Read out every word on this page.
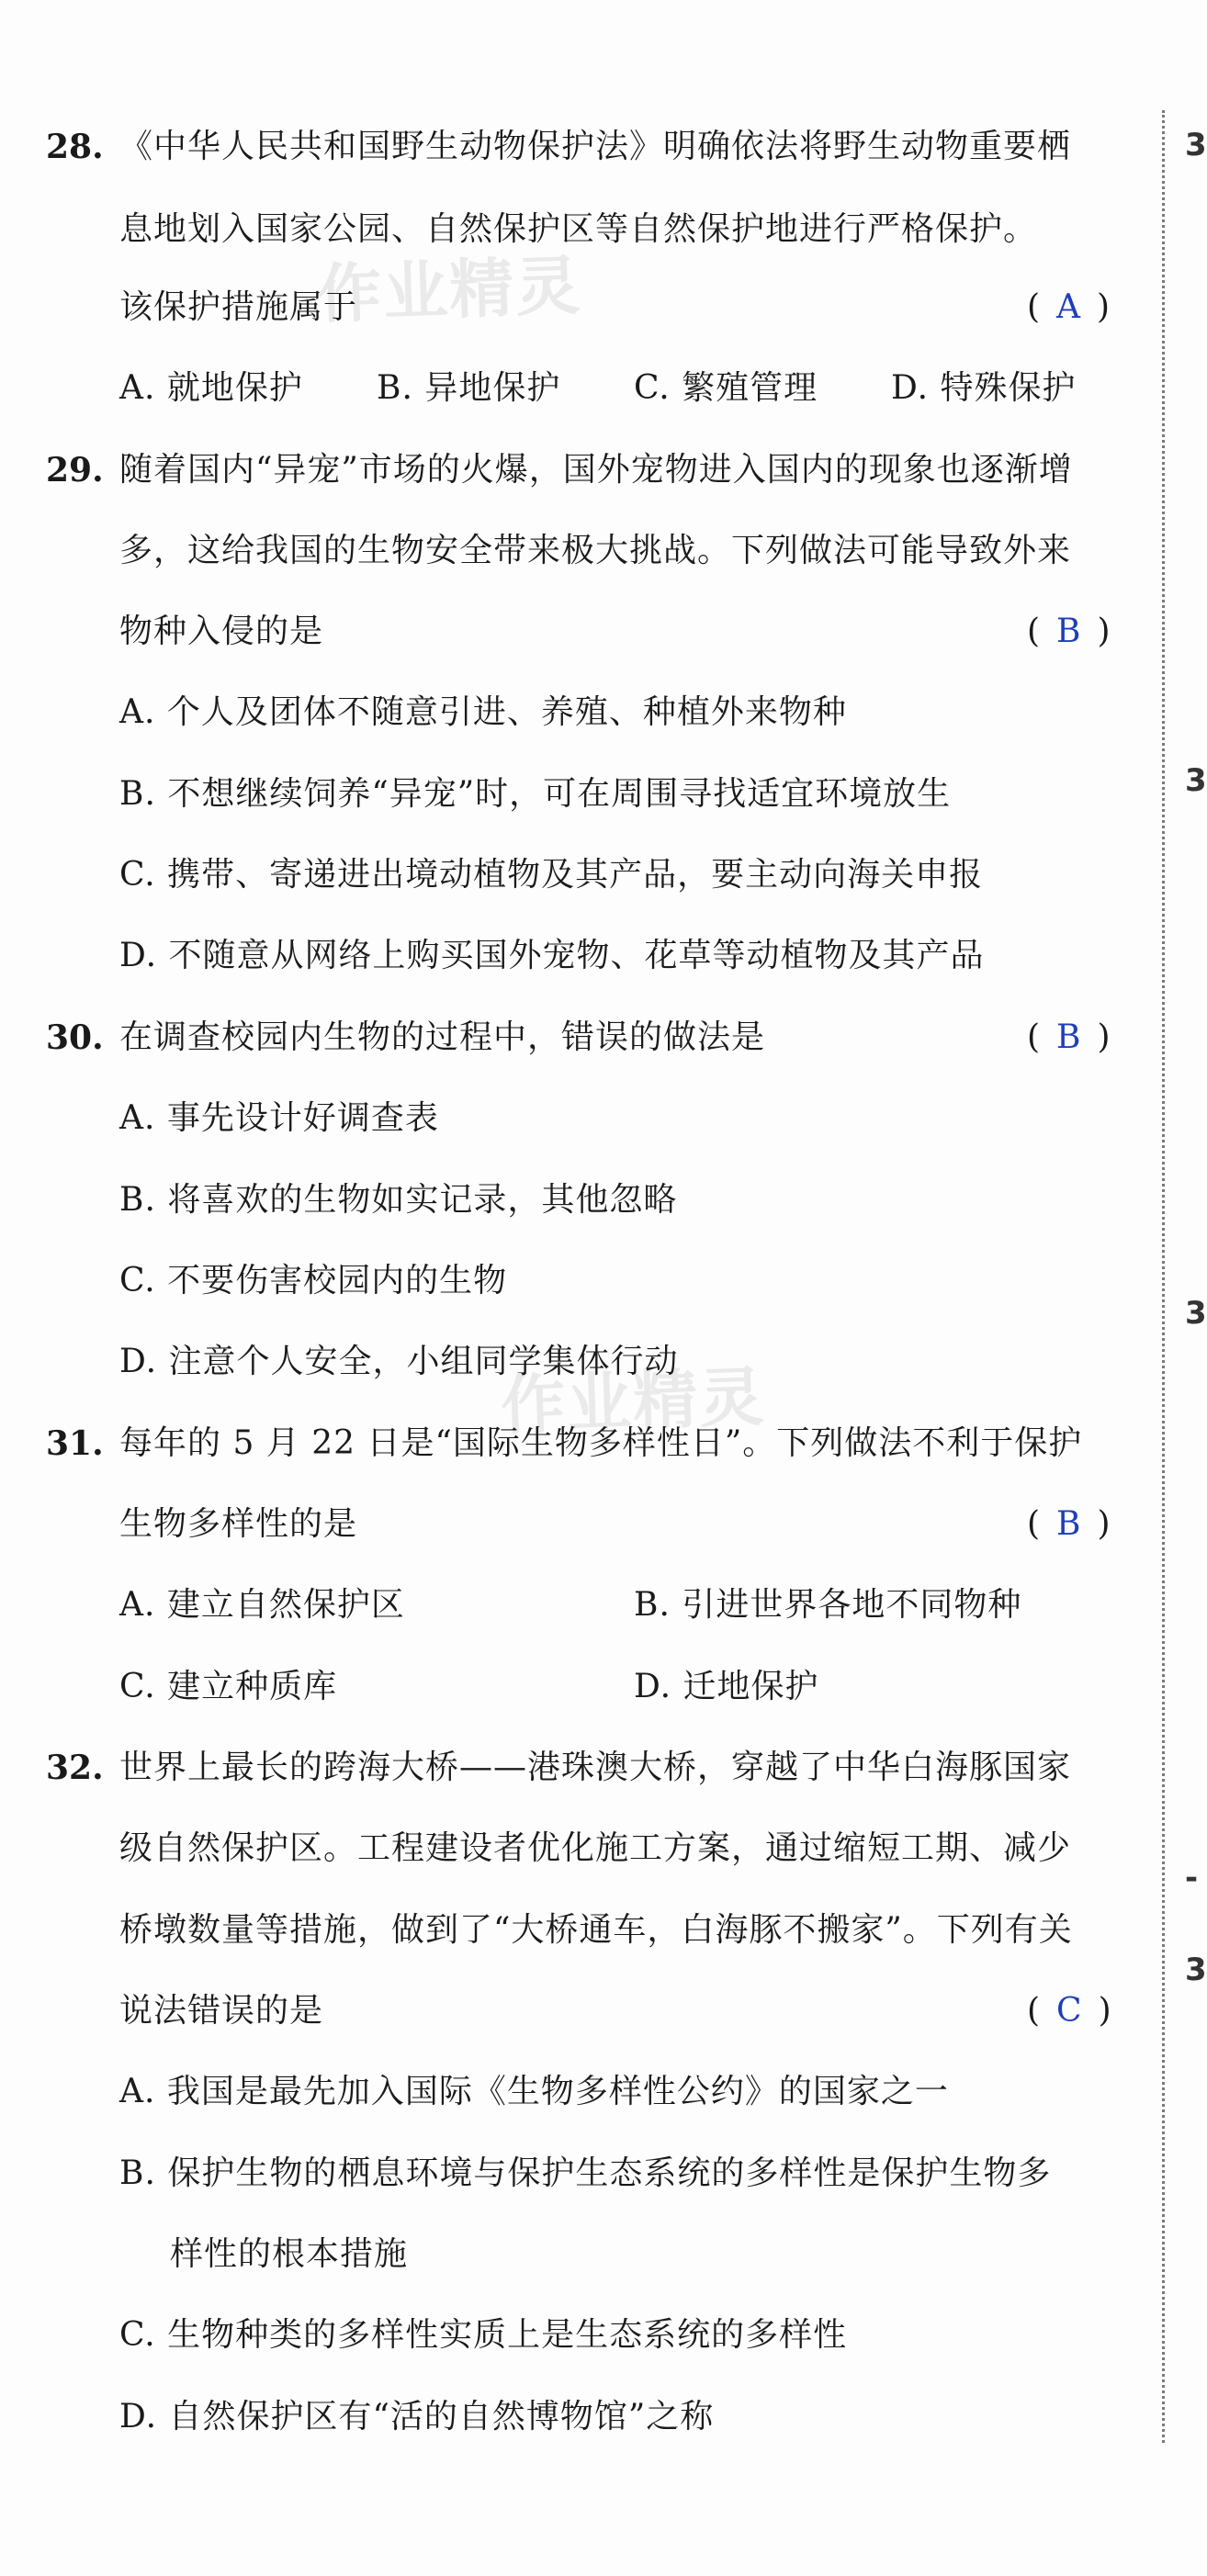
3
3
3
-
3
作业精灵
作业精灵
28. 《中华人民共和国野生动物保护法》明确依法将野生动物重要栖
息地划入国家公园、自然保护区等自然保护地进行严格保护。
该保护措施属于	( A )
A. 就地保护 B. 异地保护 C. 繁殖管理 D. 特殊保护
29. 随着国内“异宠”市场的火爆，国外宠物进入国内的现象也逐渐增
多，这给我国的生物安全带来极大挑战。下列做法可能导致外来
物种入侵的是	( B )
A. 个人及团体不随意引进、养殖、种植外来物种
B. 不想继续饲养“异宠”时，可在周围寻找适宜环境放生
C. 携带、寄递进出境动植物及其产品，要主动向海关申报
D. 不随意从网络上购买国外宠物、花草等动植物及其产品
30. 在调查校园内生物的过程中，错误的做法是	( B )
A. 事先设计好调查表
B. 将喜欢的生物如实记录，其他忽略
C. 不要伤害校园内的生物
D. 注意个人安全，小组同学集体行动
31. 每年的 5 月 22 日是“国际生物多样性日”。下列做法不利于保护
生物多样性的是	( B )
A. 建立自然保护区	B. 引进世界各地不同物种
C. 建立种质库	D. 迁地保护
32. 世界上最长的跨海大桥——港珠澳大桥，穿越了中华白海豚国家
级自然保护区。工程建设者优化施工方案，通过缩短工期、减少
桥墩数量等措施，做到了“大桥通车，白海豚不搬家”。下列有关
说法错误的是	( C )
A. 我国是最先加入国际《生物多样性公约》的国家之一
B. 保护生物的栖息环境与保护生态系统的多样性是保护生物多
样性的根本措施
C. 生物种类的多样性实质上是生态系统的多样性
D. 自然保护区有“活的自然博物馆”之称
